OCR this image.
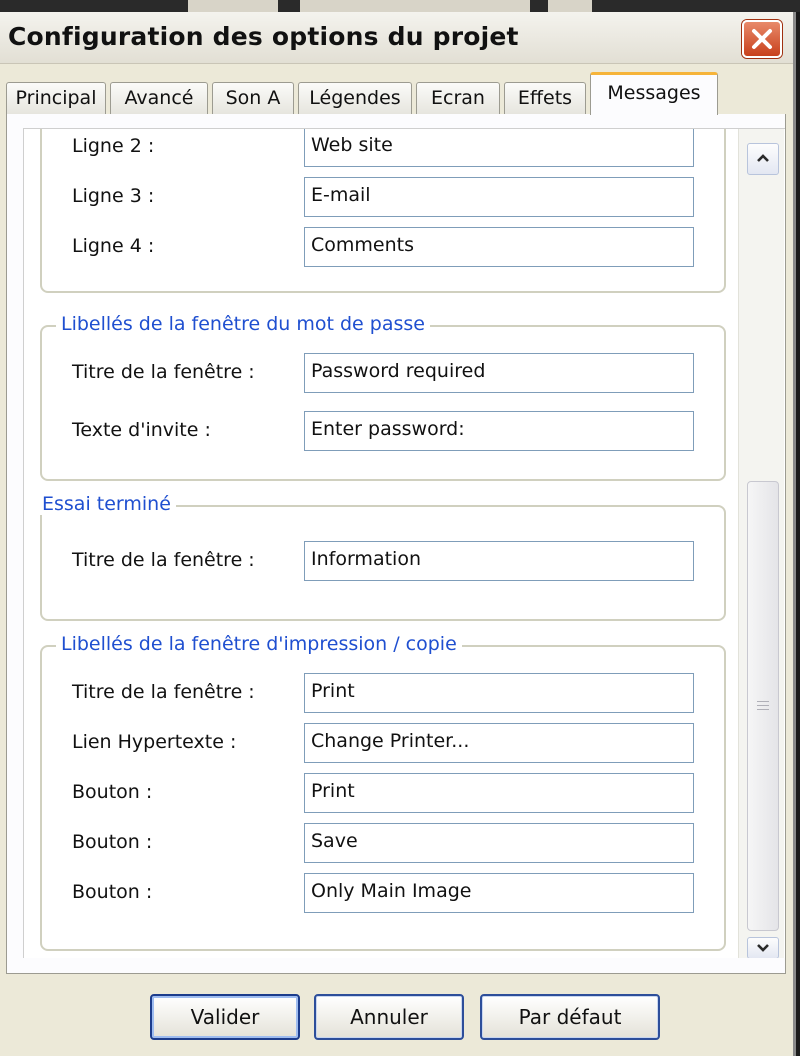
Configuration des options du projet
Principal	Avancé	Son A	Légendes	Ecran	Effets	Messages
Ligne 2 :	Web site
Ligne 3 :	E-mail
Ligne 4 :	Comments
Libellés de la fenêtre du mot de passe
Titre de la fenêtre :	Password required
Texte d'invite :	Enter password:
Essai terminé
Titre de la fenêtre :	Information
Libellés de la fenêtre d'impression / copie
Titre de la fenêtre :	Print
Lien Hypertexte :	Change Printer...
Bouton :	Print
Bouton :	Save
Bouton :	Only Main Image
Valider	Annuler	Par défaut
